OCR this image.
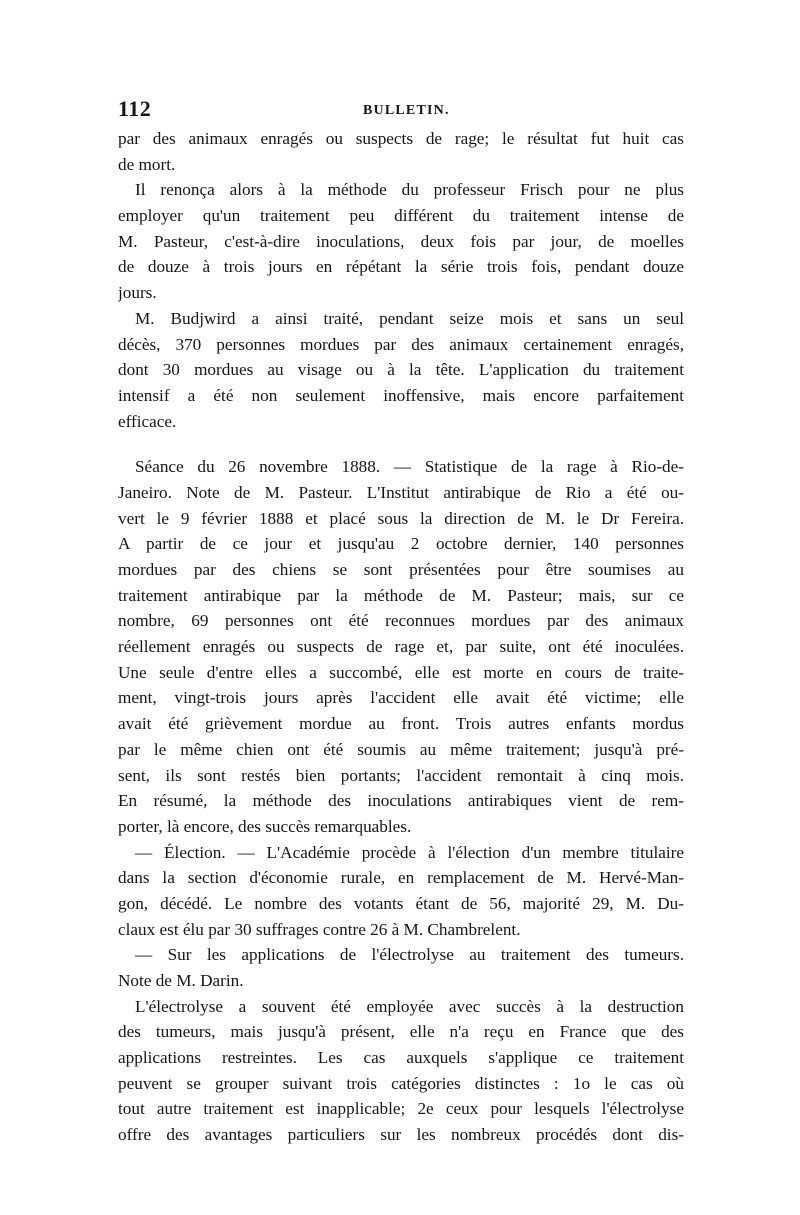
112	BULLETIN.
par des animaux enragés ou suspects de rage; le résultat fut huit cas
de mort.
Il renonça alors à la méthode du professeur Frisch pour ne plus
employer qu'un traitement peu différent du traitement intense de
M. Pasteur, c'est-à-dire inoculations, deux fois par jour, de moelles
de douze à trois jours en répétant la série trois fois, pendant douze
jours.
M. Budjwird a ainsi traité, pendant seize mois et sans un seul
décès, 370 personnes mordues par des animaux certainement enragés,
dont 30 mordues au visage ou à la tête. L'application du traitement
intensif a été non seulement inoffensive, mais encore parfaitement
efficace.
Séance du 26 novembre 1888. — Statistique de la rage à Rio-de-
Janeiro. Note de M. Pasteur. L'Institut antirabique de Rio a été ou-
vert le 9 février 1888 et placé sous la direction de M. le Dr Fereira.
A partir de ce jour et jusqu'au 2 octobre dernier, 140 personnes
mordues par des chiens se sont présentées pour être soumises au
traitement antirabique par la méthode de M. Pasteur; mais, sur ce
nombre, 69 personnes ont été reconnues mordues par des animaux
réellement enragés ou suspects de rage et, par suite, ont été inoculées.
Une seule d'entre elles a succombé, elle est morte en cours de traite-
ment, vingt-trois jours après l'accident elle avait été victime; elle
avait été grièvement mordue au front. Trois autres enfants mordus
par le même chien ont été soumis au même traitement; jusqu'à pré-
sent, ils sont restés bien portants; l'accident remontait à cinq mois.
En résumé, la méthode des inoculations antirabiques vient de rem-
porter, là encore, des succès remarquables.
— Élection. — L'Académie procède à l'élection d'un membre titulaire
dans la section d'économie rurale, en remplacement de M. Hervé-Man-
gon, décédé. Le nombre des votants étant de 56, majorité 29, M. Du-
claux est élu par 30 suffrages contre 26 à M. Chambrelent.
— Sur les applications de l'électrolyse au traitement des tumeurs.
Note de M. Darin.
L'électrolyse a souvent été employée avec succès à la destruction
des tumeurs, mais jusqu'à présent, elle n'a reçu en France que des
applications restreintes. Les cas auxquels s'applique ce traitement
peuvent se grouper suivant trois catégories distinctes : 1o le cas où
tout autre traitement est inapplicable; 2e ceux pour lesquels l'électrolyse
offre des avantages particuliers sur les nombreux procédés dont dis-
